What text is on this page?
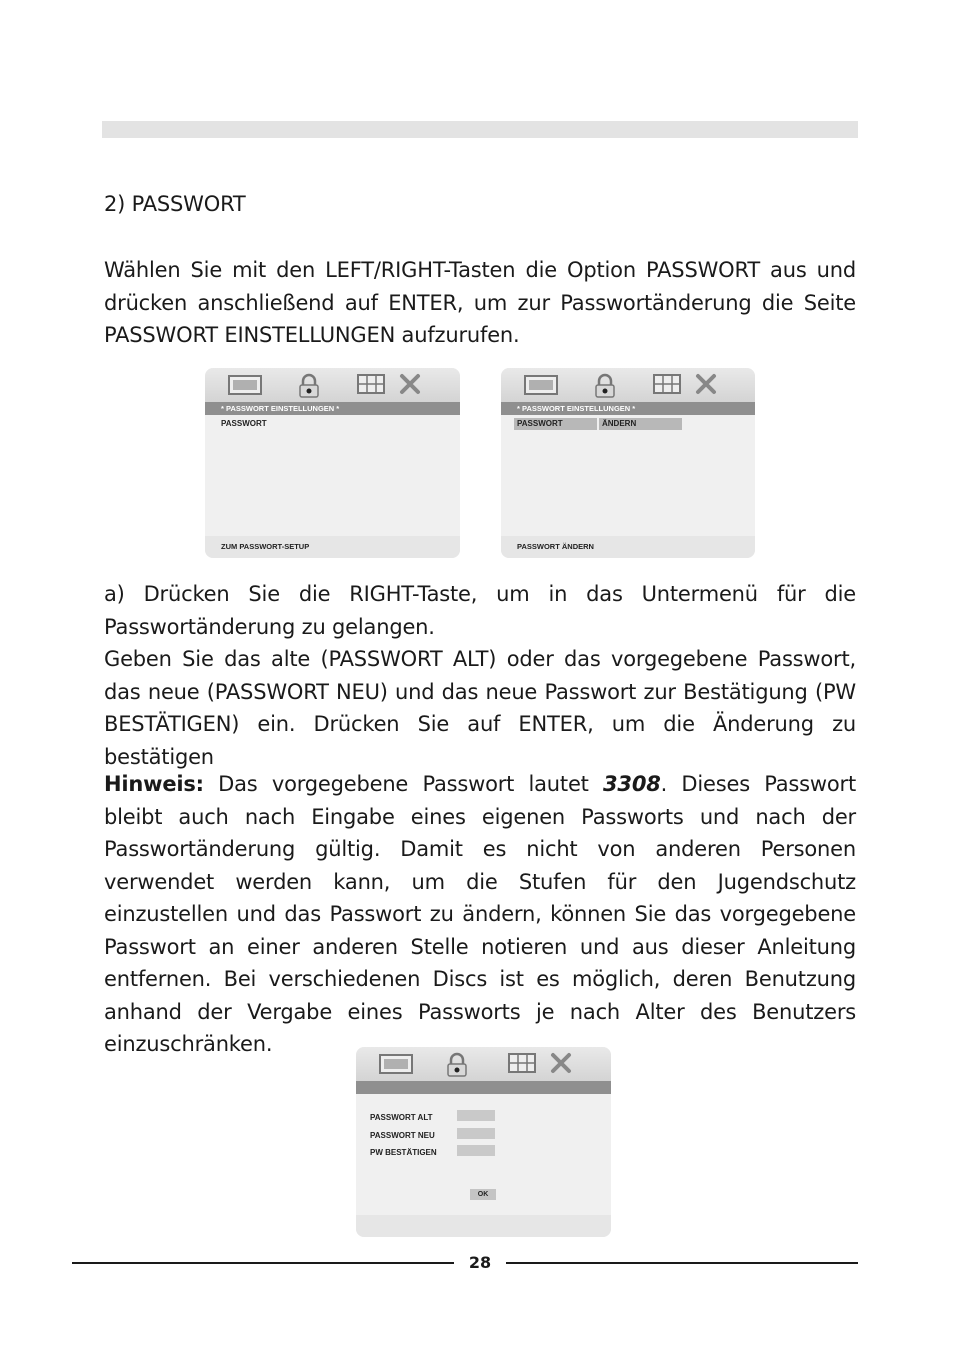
2) PASSWORT
Wählen Sie mit den LEFT/RIGHT-Tasten die Option PASSWORT aus und drücken anschließend auf ENTER, um zur Passwortänderung die Seite PASSWORT EINSTELLUNGEN aufzurufen.
* PASSWORT EINSTELLUNGEN *
PASSWORT
ZUM PASSWORT-SETUP
* PASSWORT EINSTELLUNGEN *
PASSWORT	ÄNDERN
PASSWORT ÄNDERN
a) Drücken Sie die RIGHT-Taste, um in das Untermenü für die Passwortänderung zu gelangen.
Geben Sie das alte (PASSWORT ALT) oder das vorgegebene Passwort, das neue (PASSWORT NEU) und das neue Passwort zur Bestätigung (PW BESTÄTIGEN) ein. Drücken Sie auf ENTER, um die Änderung zu bestätigen
Hinweis: Das vorgegebene Passwort lautet 3308. Dieses Passwort bleibt auch nach Eingabe eines eigenen Passworts und nach der Passwortänderung gültig. Damit es nicht von anderen Personen verwendet werden kann, um die Stufen für den Jugendschutz einzustellen und das Passwort zu ändern, können Sie das vorgegebene Passwort an einer anderen Stelle notieren und aus dieser Anleitung entfernen. Bei verschiedenen Discs ist es möglich, deren Benutzung anhand der Vergabe eines Passworts je nach Alter des Benutzers einzuschränken.
PASSWORT ALT
PASSWORT NEU
PW BESTÄTIGEN
OK
28
